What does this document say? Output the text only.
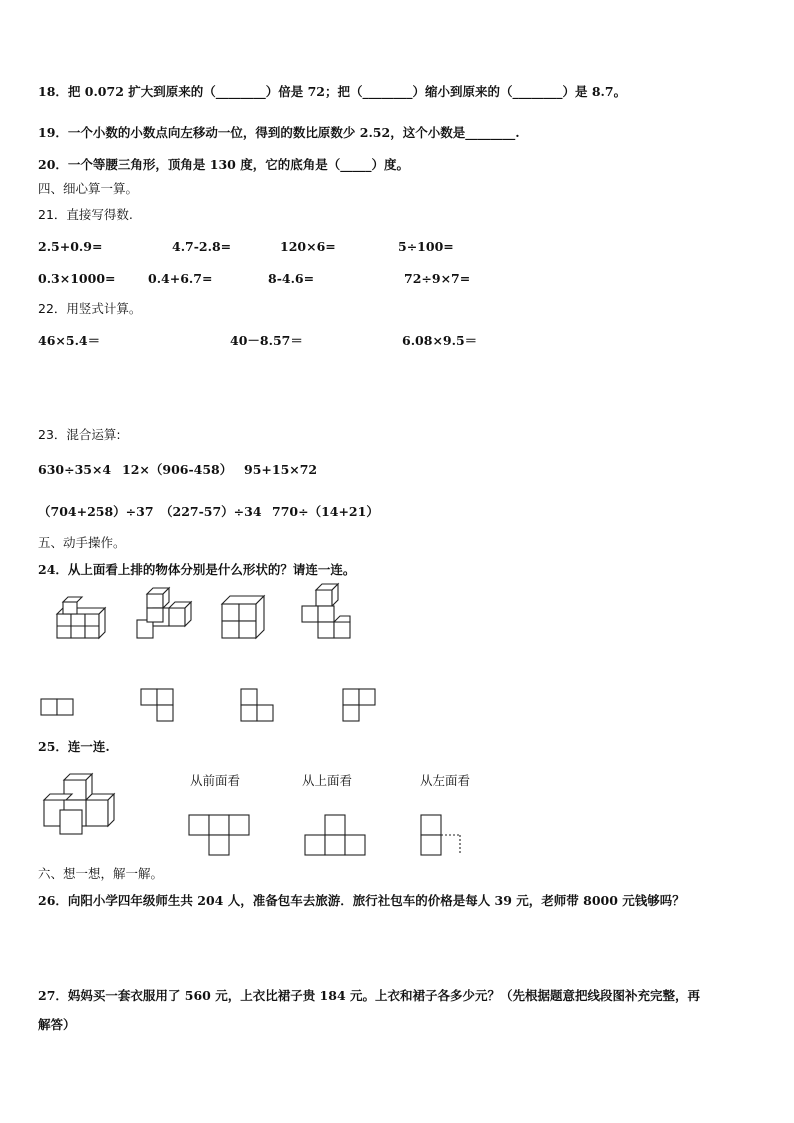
18．把 0.072 扩大到原来的（________）倍是 72；把（________）缩小到原来的（________）是 8.7。
19．一个小数的小数点向左移动一位，得到的数比原数少 2.52，这个小数是________.
20．一个等腰三角形，顶角是 130 度，它的底角是（_____）度。
四、细心算一算。
21．直接写得数.
2.5+0.9=	4.7-2.8=	120×6=	5÷100=
0.3×1000=	0.4+6.7=	8-4.6=	72÷9×7=
22．用竖式计算。
46×5.4＝	40－8.57＝	6.08×9.5＝
23．混合运算:
630÷35×4 12×（906-458） 95+15×72
（704+258）÷37 （227-57）÷34 770÷（14+21）
五、动手操作。
24．从上面看上排的物体分别是什么形状的？请连一连。
25．连一连.
从前面看	从上面看	从左面看
六、想一想，解一解。
26．向阳小学四年级师生共 204 人，准备包车去旅游．旅行社包车的价格是每人 39 元，老师带 8000 元钱够吗？
27．妈妈买一套衣服用了 560 元，上衣比裙子贵 184 元。上衣和裙子各多少元？（先根据题意把线段图补充完整，再
解答）
